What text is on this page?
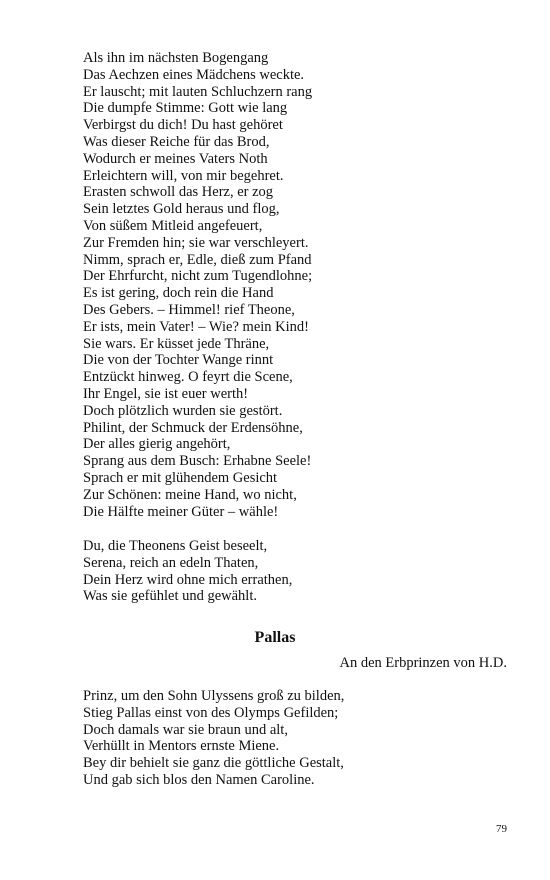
Als ihn im nächsten Bogengang
Das Aechzen eines Mädchens weckte.
Er lauscht; mit lauten Schluchzern rang
Die dumpfe Stimme: Gott wie lang
Verbirgst du dich! Du hast gehöret
Was dieser Reiche für das Brod,
Wodurch er meines Vaters Noth
Erleichtern will, von mir begehret.
Erasten schwoll das Herz, er zog
Sein letztes Gold heraus und flog,
Von süßem Mitleid angefeuert,
Zur Fremden hin; sie war verschleyert.
Nimm, sprach er, Edle, dieß zum Pfand
Der Ehrfurcht, nicht zum Tugendlohne;
Es ist gering, doch rein die Hand
Des Gebers. – Himmel! rief Theone,
Er ists, mein Vater! – Wie? mein Kind!
Sie wars. Er küsset jede Thräne,
Die von der Tochter Wange rinnt
Entzückt hinweg. O feyrt die Scene,
Ihr Engel, sie ist euer werth!
Doch plötzlich wurden sie gestört.
Philint, der Schmuck der Erdensöhne,
Der alles gierig angehört,
Sprang aus dem Busch: Erhabne Seele!
Sprach er mit glühendem Gesicht
Zur Schönen: meine Hand, wo nicht,
Die Hälfte meiner Güter – wähle!
Du, die Theonens Geist beseelt,
Serena, reich an edeln Thaten,
Dein Herz wird ohne mich errathen,
Was sie gefühlet und gewählt.
Pallas
An den Erbprinzen von H.D.
Prinz, um den Sohn Ulyssens groß zu bilden,
Stieg Pallas einst von des Olymps Gefilden;
Doch damals war sie braun und alt,
Verhüllt in Mentors ernste Miene.
Bey dir behielt sie ganz die göttliche Gestalt,
Und gab sich blos den Namen Caroline.
79
